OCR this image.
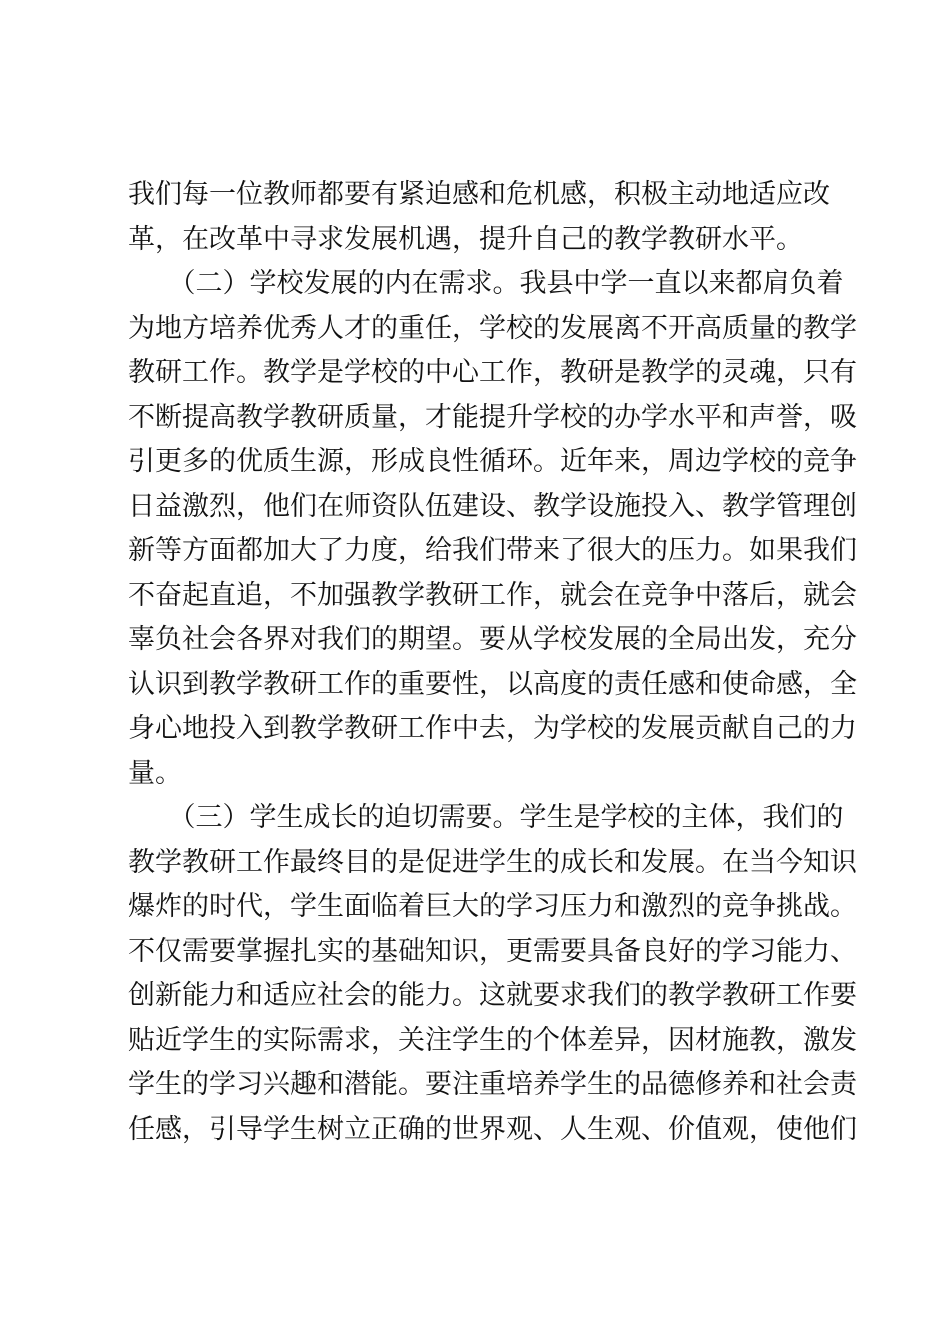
我们每一位教师都要有紧迫感和危机感，积极主动地适应改
革，在改革中寻求发展机遇，提升自己的教学教研水平。
　　（二）学校发展的内在需求。我县中学一直以来都肩负着
为地方培养优秀人才的重任，学校的发展离不开高质量的教学
教研工作。教学是学校的中心工作，教研是教学的灵魂，只有
不断提高教学教研质量，才能提升学校的办学水平和声誉，吸
引更多的优质生源，形成良性循环。近年来，周边学校的竞争
日益激烈，他们在师资队伍建设、教学设施投入、教学管理创
新等方面都加大了力度，给我们带来了很大的压力。如果我们
不奋起直追，不加强教学教研工作，就会在竞争中落后，就会
辜负社会各界对我们的期望。要从学校发展的全局出发，充分
认识到教学教研工作的重要性，以高度的责任感和使命感，全
身心地投入到教学教研工作中去，为学校的发展贡献自己的力
量。
　　（三）学生成长的迫切需要。学生是学校的主体，我们的
教学教研工作最终目的是促进学生的成长和发展。在当今知识
爆炸的时代，学生面临着巨大的学习压力和激烈的竞争挑战。
不仅需要掌握扎实的基础知识，更需要具备良好的学习能力、
创新能力和适应社会的能力。这就要求我们的教学教研工作要
贴近学生的实际需求，关注学生的个体差异，因材施教，激发
学生的学习兴趣和潜能。要注重培养学生的品德修养和社会责
任感，引导学生树立正确的世界观、人生观、价值观，使他们
